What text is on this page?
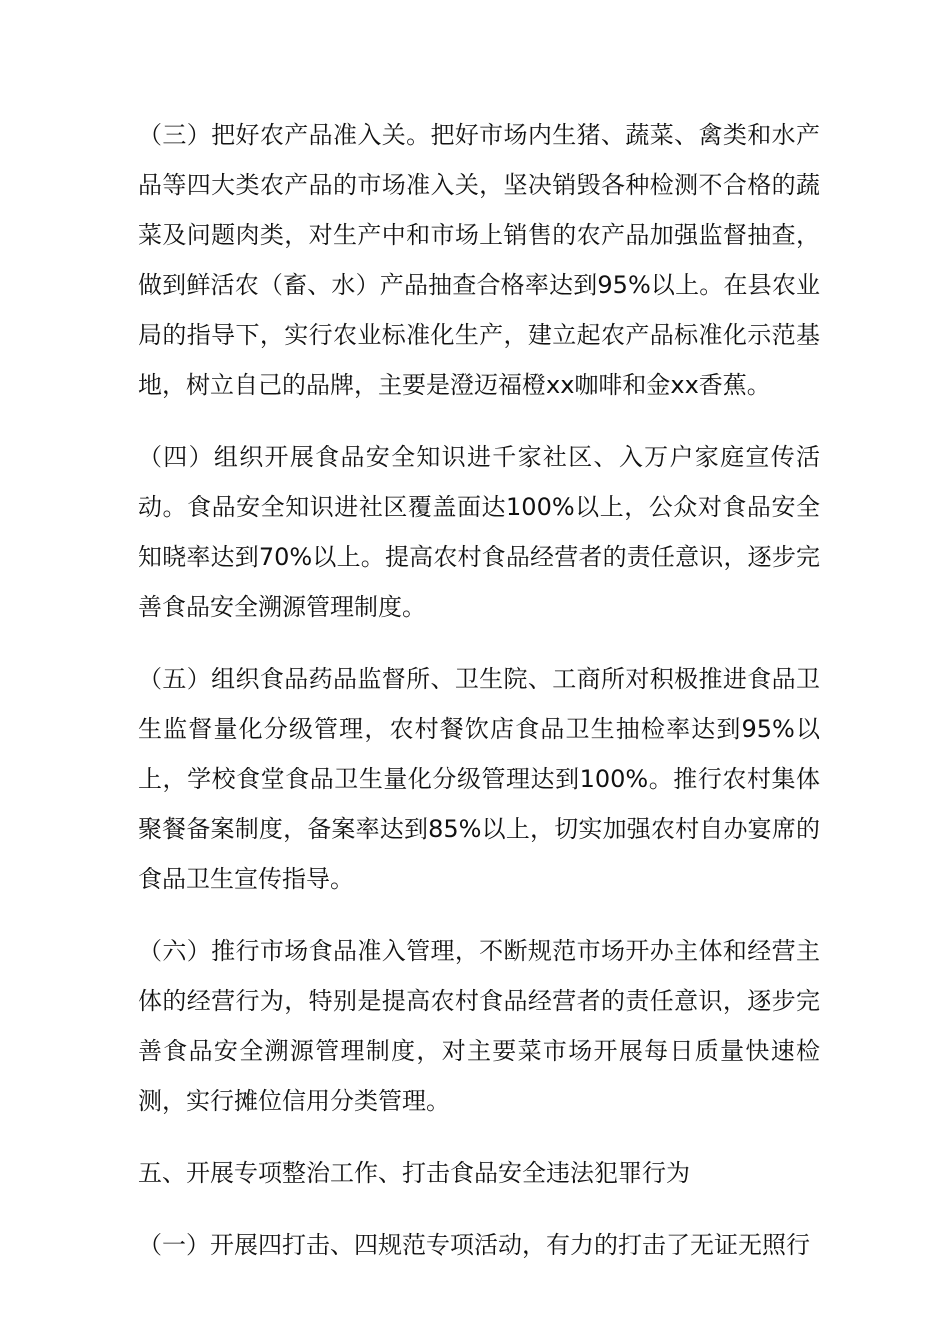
（三）把好农产品准入关。把好市场内生猪、蔬菜、禽类和水产品等四大类农产品的市场准入关，坚决销毁各种检测不合格的蔬菜及问题肉类，对生产中和市场上销售的农产品加强监督抽查，做到鲜活农（畜、水）产品抽查合格率达到95%以上。在县农业局的指导下，实行农业标准化生产，建立起农产品标准化示范基地，树立自己的品牌，主要是澄迈福橙xx咖啡和金xx香蕉。

（四）组织开展食品安全知识进千家社区、入万户家庭宣传活动。食品安全知识进社区覆盖面达100%以上，公众对食品安全知晓率达到70%以上。提高农村食品经营者的责任意识，逐步完善食品安全溯源管理制度。

（五）组织食品药品监督所、卫生院、工商所对积极推进食品卫生监督量化分级管理，农村餐饮店食品卫生抽检率达到95%以上，学校食堂食品卫生量化分级管理达到100%。推行农村集体聚餐备案制度，备案率达到85%以上，切实加强农村自办宴席的食品卫生宣传指导。

（六）推行市场食品准入管理，不断规范市场开办主体和经营主体的经营行为，特别是提高农村食品经营者的责任意识，逐步完善食品安全溯源管理制度，对主要菜市场开展每日质量快速检测，实行摊位信用分类管理。

五、开展专项整治工作、打击食品安全违法犯罪行为

（一）开展四打击、四规范专项活动，有力的打击了无证无照行
